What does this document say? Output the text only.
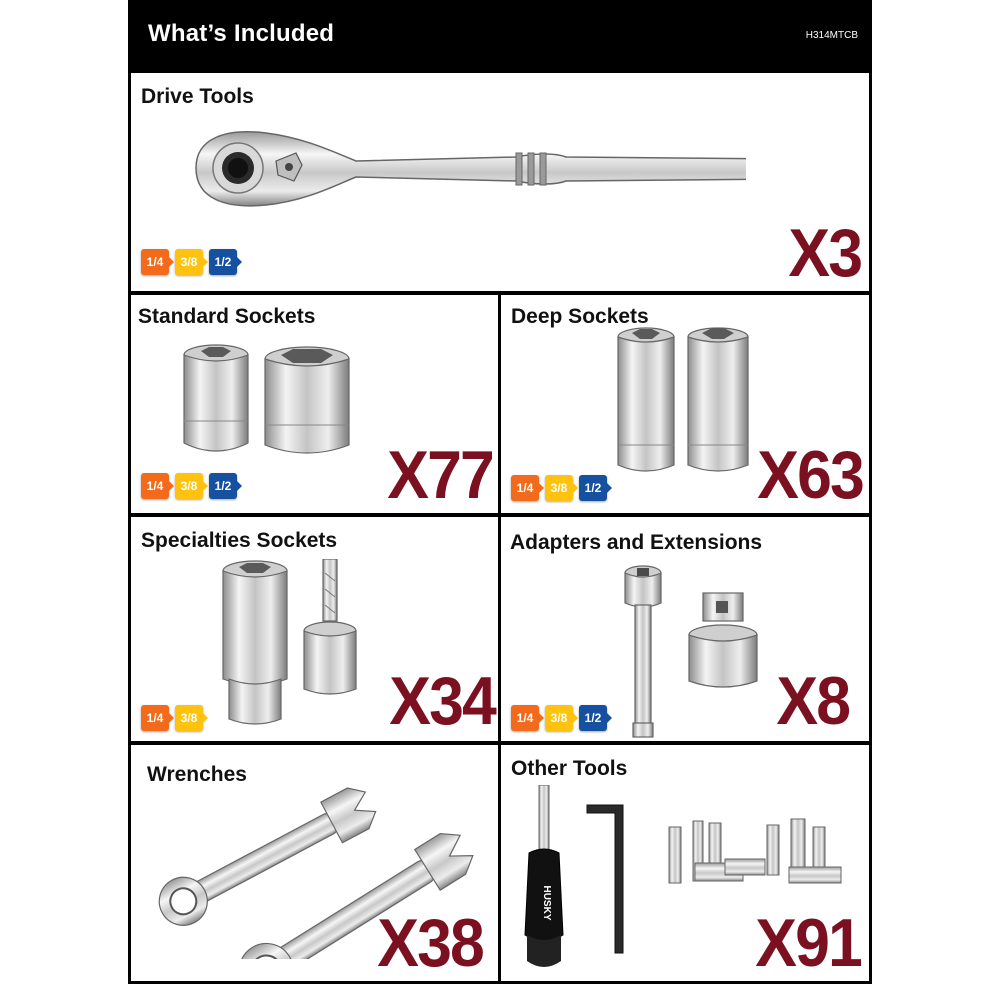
What’s Included	H314MTCB
Drive Tools
1/4	3/8	1/2	X3
Standard Sockets
1/4	3/8	1/2 X77
Deep Sockets
1/4	3/8	1/2 X63
Specialties Sockets
1/4	3/8	X34
Adapters and Extensions
1/4	3/8	1/2	X8
Wrenches
X38
Other Tools
HUSKY
X91
